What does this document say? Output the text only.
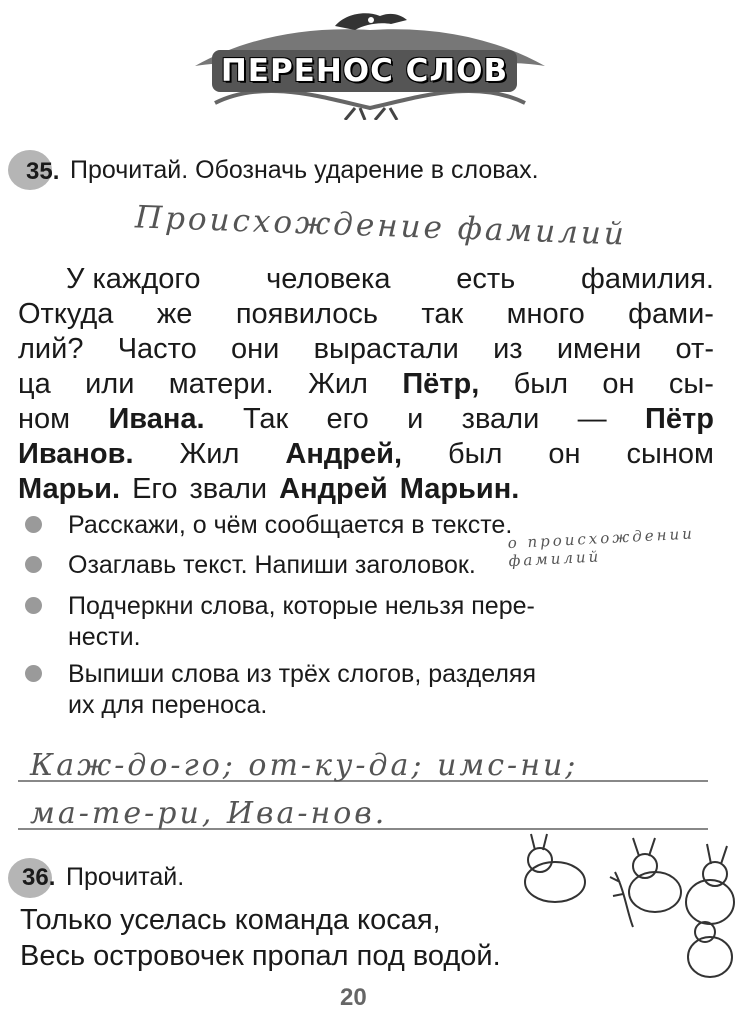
ПЕРЕНОС СЛОВ
35. Прочитай. Обозначь ударение в словах.
Происхождение фамилий
У каждого человека есть фамилия.
Откуда же появилось так много фами-
лий? Часто они вырастали из имени от-
ца или матери. Жил Пётр, был он сы-
ном Ивана. Так его и звали — Пётр
Иванов. Жил Андрей, был он сыном
Марьи. Его звали Андрей Марьин.
Расскажи, о чём сообщается в тексте.
Озаглавь текст. Напиши заголовок.
Подчеркни слова, которые нельзя пере-
нести.
Выпиши слова из трёх слогов, разделяя
их для переноса.
о происхождении фамилий
Каж-до-го; от-ку-да; имс-ни;
ма-те-ри, Ива-нов.
36. Прочитай.
Только уселась команда косая,
Весь островочек пропал под водой.
20
